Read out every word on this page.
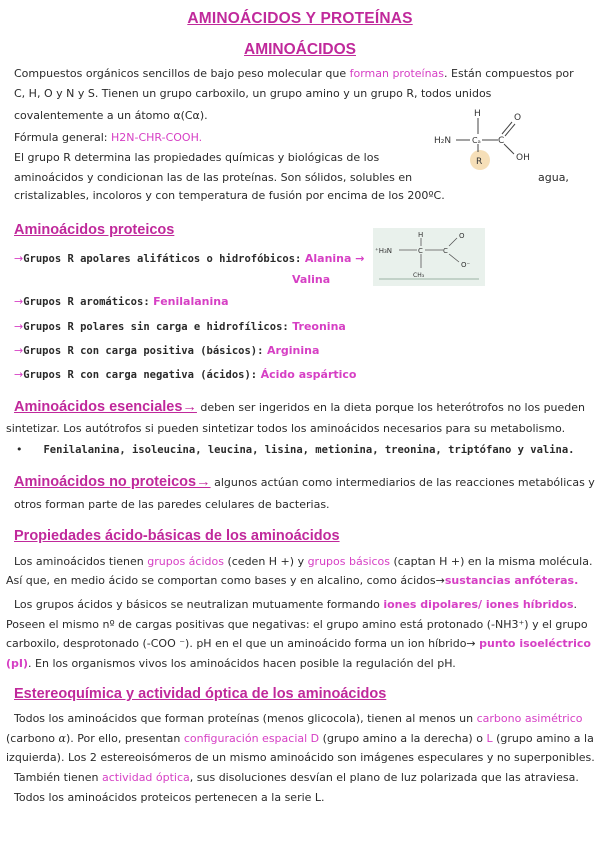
AMINOÁCIDOS Y PROTEÍNAS
AMINOÁCIDOS
Compuestos orgánicos sencillos de bajo peso molecular que forman proteínas. Están compuestos por
C, H, O y N y S. Tienen un grupo carboxilo, un grupo amino y un grupo R, todos unidos
covalentemente a un átomo α(Cα).
Fórmula general: H2N-CHR-COOH.
El grupo R determina las propiedades químicas y biológicas de los
aminoácidos y condicionan las de las proteínas. Son sólidos, solubles en	agua,
cristalizables, incoloros y con temperatura de fusión por encima de los 200ºC.
H
H₂N	Cₐ C
O
OH
R
Aminoácidos proteicos	H
⁺H₃N	C	C
O
O⁻
CH₃
→Grupos R apolares alifáticos o hidrofóbicos: Alanina →
Valina
→Grupos R aromáticos: Fenilalanina
→Grupos R polares sin carga e hidrofílicos: Treonina
→Grupos R con carga positiva (básicos): Arginina
→Grupos R con carga negativa (ácidos): Ácido aspártico
Aminoácidos esenciales→ deben ser ingeridos en la dieta porque los heterótrofos no los pueden
sintetizar. Los autótrofos si pueden sintetizar todos los aminoácidos necesarios para su metabolismo.
• Fenilalanina, isoleucina, leucina, lisina, metionina, treonina, triptófano y valina.
Aminoácidos no proteicos→ algunos actúan como intermediarios de las reacciones metabólicas y
otros forman parte de las paredes celulares de bacterias.
Propiedades ácido-básicas de los aminoácidos
Los aminoácidos tienen grupos ácidos (ceden H +) y grupos básicos (captan H +) en la misma molécula.
Así que, en medio ácido se comportan como bases y en alcalino, como ácidos→sustancias anfóteras.
Los grupos ácidos y básicos se neutralizan mutuamente formando iones dipolares/ iones híbridos.
Poseen el mismo nº de cargas positivas que negativas: el grupo amino está protonado (-NH3⁺) y el grupo
carboxilo, desprotonado (-COO ⁻). pH en el que un aminoácido forma un ion híbrido→ punto isoeléctrico
(pI). En los organismos vivos los aminoácidos hacen posible la regulación del pH.
Estereoquímica y actividad óptica de los aminoácidos
Todos los aminoácidos que forman proteínas (menos glicocola), tienen al menos un carbono asimétrico
(carbono α). Por ello, presentan configuración espacial D (grupo amino a la derecha) o L (grupo amino a la
izquierda). Los 2 estereoisómeros de un mismo aminoácido son imágenes especulares y no superponibles.
También tienen actividad óptica, sus disoluciones desvían el plano de luz polarizada que las atraviesa.
Todos los aminoácidos proteicos pertenecen a la serie L.
